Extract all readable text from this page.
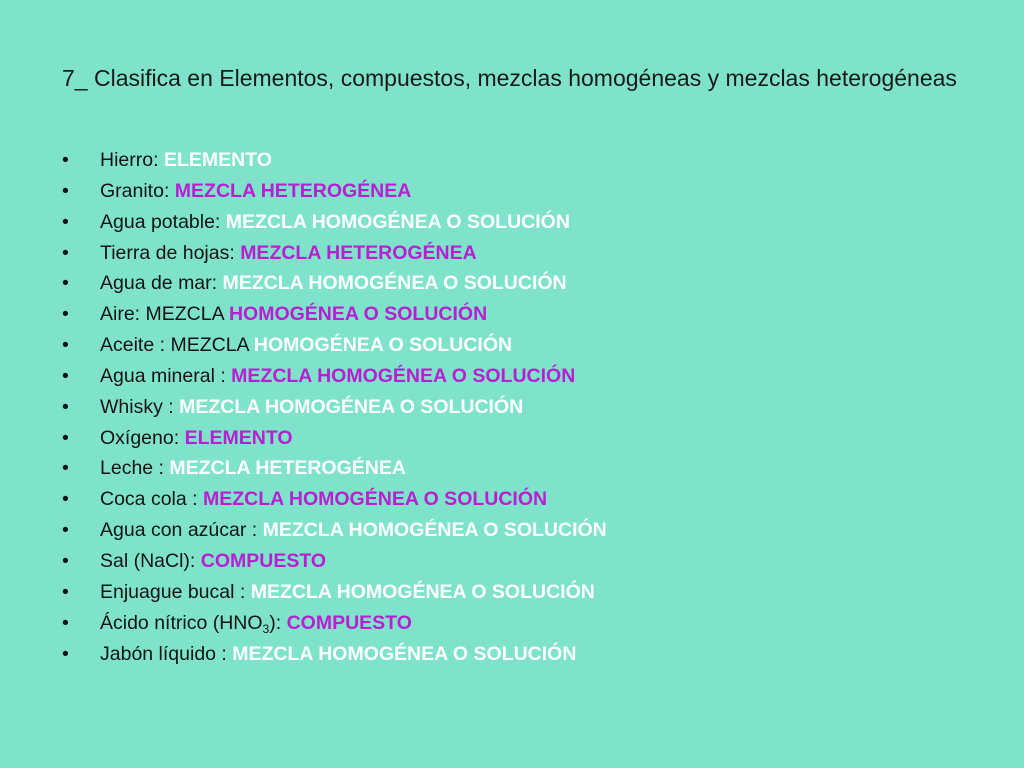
7_ Clasifica en Elementos, compuestos, mezclas homogéneas y mezclas heterogéneas
• Hierro: ELEMENTO
• Granito: MEZCLA HETEROGÉNEA
• Agua potable: MEZCLA HOMOGÉNEA O SOLUCIÓN
• Tierra de hojas: MEZCLA HETEROGÉNEA
• Agua de mar: MEZCLA HOMOGÉNEA O SOLUCIÓN
• Aire: MEZCLA HOMOGÉNEA O SOLUCIÓN
• Aceite : MEZCLA HOMOGÉNEA O SOLUCIÓN
• Agua mineral : MEZCLA HOMOGÉNEA O SOLUCIÓN
• Whisky : MEZCLA HOMOGÉNEA O SOLUCIÓN
• Oxígeno: ELEMENTO
• Leche : MEZCLA HETEROGÉNEA
• Coca cola : MEZCLA HOMOGÉNEA O SOLUCIÓN
• Agua con azúcar : MEZCLA HOMOGÉNEA O SOLUCIÓN
• Sal (NaCl): COMPUESTO
• Enjuague bucal : MEZCLA HOMOGÉNEA O SOLUCIÓN
• Ácido nítrico $(HNO_3)$: COMPUESTO
• Jabón líquido : MEZCLA HOMOGÉNEA O SOLUCIÓN
